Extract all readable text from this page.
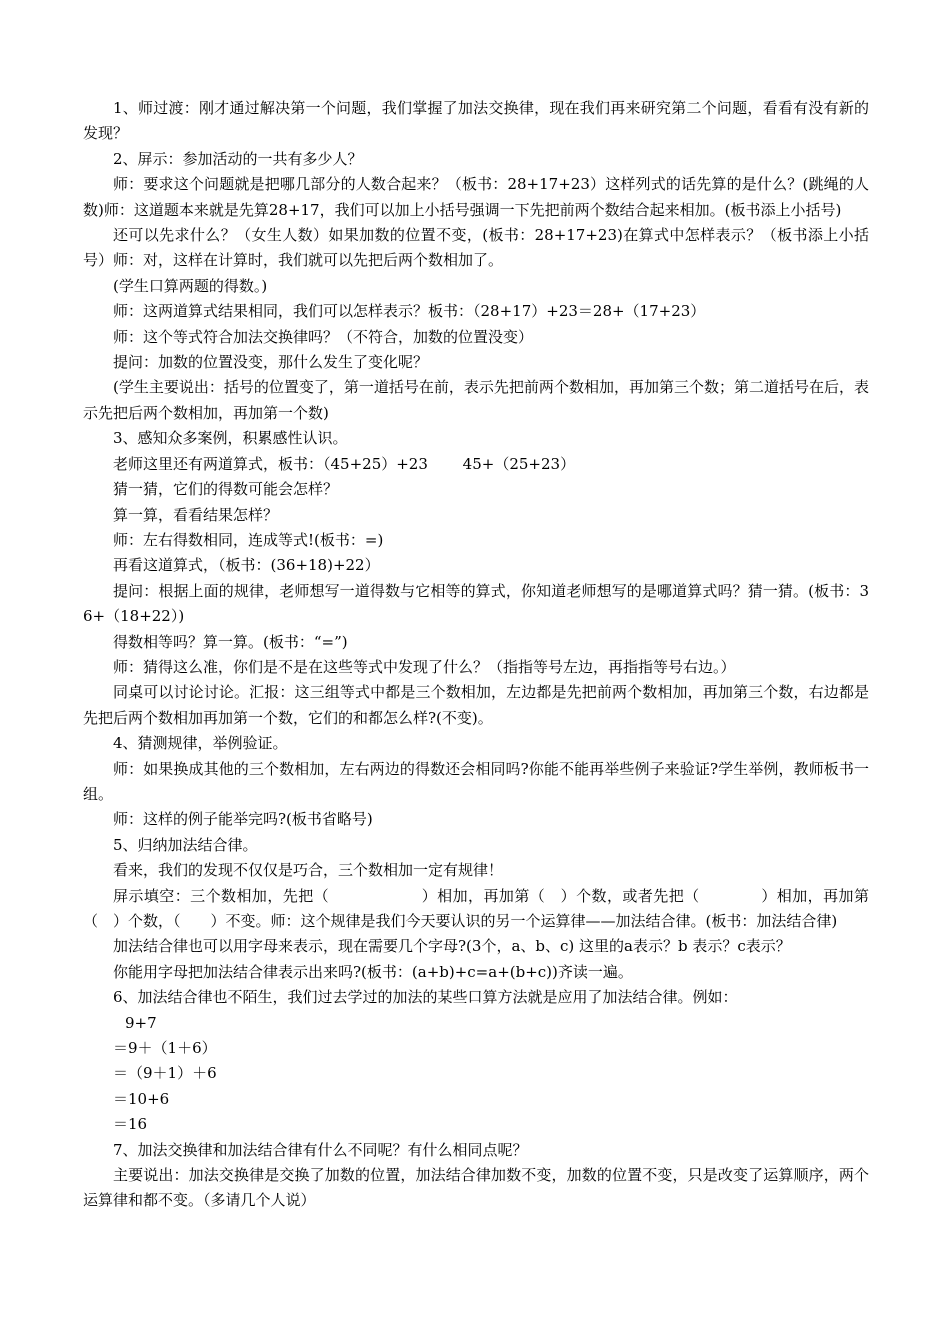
1、师过渡：刚才通过解决第一个问题，我们掌握了加法交换律，现在我们再来研究第二个问题，看看有没有新的发现？

2、屏示：参加活动的一共有多少人？

师：要求这个问题就是把哪几部分的人数合起来？（板书：28+17+23）这样列式的话先算的是什么？(跳绳的人数)师：这道题本来就是先算28+17，我们可以加上小括号强调一下先把前两个数结合起来相加。(板书添上小括号)

还可以先求什么？（女生人数）如果加数的位置不变，(板书：28+17+23)在算式中怎样表示？（板书添上小括号）师：对，这样在计算时，我们就可以先把后两个数相加了。

(学生口算两题的得数。)

师：这两道算式结果相同，我们可以怎样表示？板书：（28+17）+23＝28+（17+23）

师：这个等式符合加法交换律吗？（不符合，加数的位置没变）

提问：加数的位置没变，那什么发生了变化呢？

(学生主要说出：括号的位置变了，第一道括号在前，表示先把前两个数相加，再加第三个数；第二道括号在后，表示先把后两个数相加，再加第一个数)

3、感知众多案例，积累感性认识。

老师这里还有两道算式，板书：（45+25）+23　　 45+（25+23）

猜一猜，它们的得数可能会怎样？

算一算，看看结果怎样？

师：左右得数相同，连成等式!(板书：=)

再看这道算式，（板书：(36+18)+22）

提问：根据上面的规律，老师想写一道得数与它相等的算式，你知道老师想写的是哪道算式吗？猜一猜。(板书：36+（18+22）)

得数相等吗？算一算。(板书：“=”)

师：猜得这么准，你们是不是在这些等式中发现了什么？（指指等号左边，再指指等号右边。）

同桌可以讨论讨论。汇报：这三组等式中都是三个数相加，左边都是先把前两个数相加，再加第三个数，右边都是先把后两个数相加再加第一个数，它们的和都怎么样?(不变)。

4、猜测规律，举例验证。

师：如果换成其他的三个数相加，左右两边的得数还会相同吗?你能不能再举些例子来验证?学生举例，教师板书一组。

师：这样的例子能举完吗?(板书省略号)

5、归纳加法结合律。

看来，我们的发现不仅仅是巧合，三个数相加一定有规律！

屏示填空：三个数相加，先把（　　　　　　）相加，再加第（　）个数，或者先把（　　　　）相加，再加第（　）个数，（　　）不变。师：这个规律是我们今天要认识的另一个运算律——加法结合律。(板书：加法结合律)

加法结合律也可以用字母来表示，现在需要几个字母?(3个，a、b、c) 这里的a表示？b 表示？c表示？

你能用字母把加法结合律表示出来吗?(板书：(a+b)+c=a+(b+c))齐读一遍。

6、加法结合律也不陌生，我们过去学过的加法的某些口算方法就是应用了加法结合律。例如：

9+7

＝9＋（1＋6）

＝（9＋1）＋6

＝10+6

＝16

7、加法交换律和加法结合律有什么不同呢？有什么相同点呢？

主要说出：加法交换律是交换了加数的位置，加法结合律加数不变，加数的位置不变，只是改变了运算顺序，两个运算律和都不变。（多请几个人说）
